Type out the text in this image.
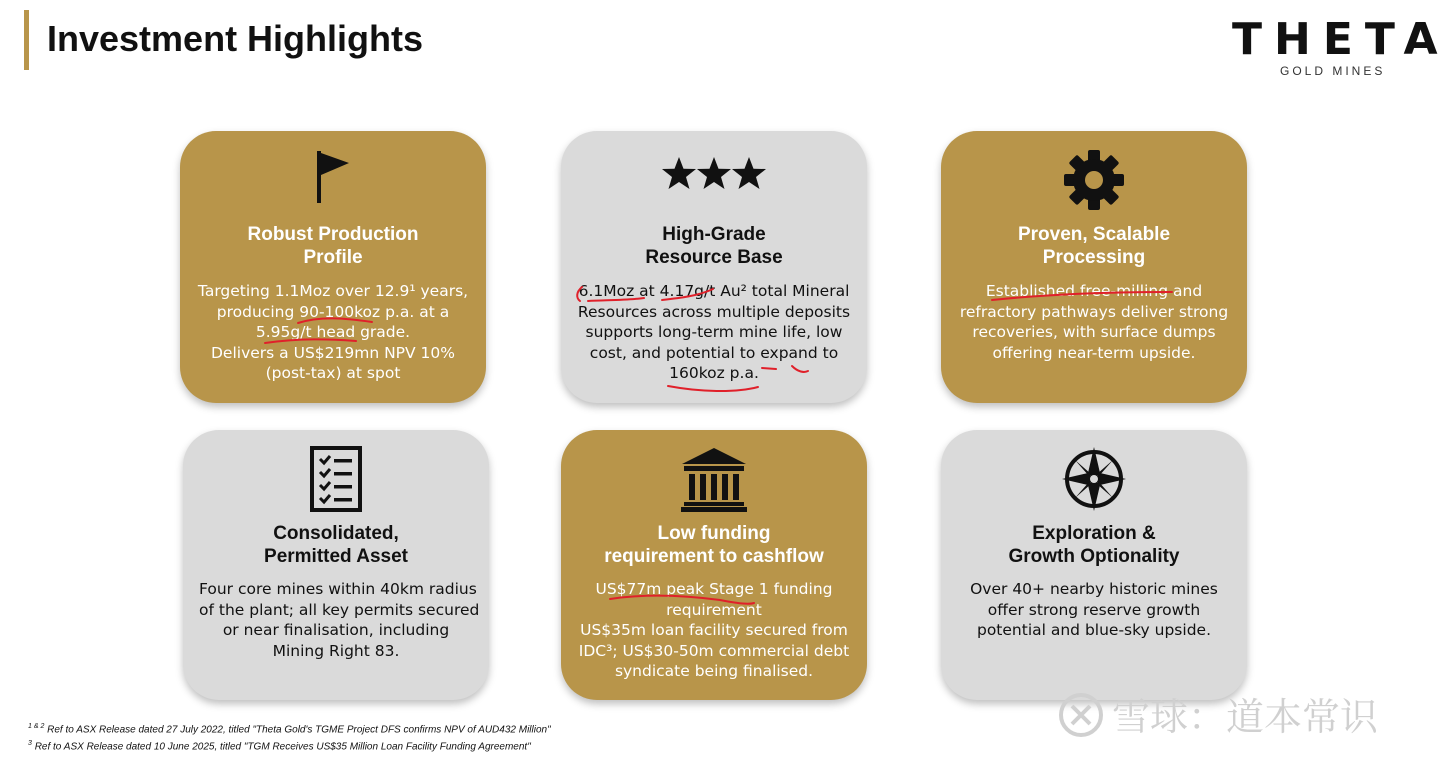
Investment Highlights	THETA
GOLD MINES
Robust Production
Profile

Targeting 1.1Moz over 12.9¹ years,
producing 90-100koz p.a. at a
5.95g/t head grade.
Delivers a US$219mn NPV 10%
(post-tax) at spot

High-Grade
Resource Base

6.1Moz at 4.17g/t Au² total Mineral
Resources across multiple deposits
supports long-term mine life, low
cost, and potential to expand to
160koz p.a.

Proven, Scalable
Processing

Established free-milling and
refractory pathways deliver strong
recoveries, with surface dumps
offering near-term upside.

Consolidated,
Permitted Asset

Four core mines within 40km radius
of the plant; all key permits secured
or near finalisation, including
Mining Right 83.

Low funding
requirement to cashflow

US$77m peak Stage 1 funding
requirement
US$35m loan facility secured from
IDC³; US$30-50m commercial debt
syndicate being finalised.

Exploration &
Growth Optionality

Over 40+ nearby historic mines
offer strong reserve growth
potential and blue-sky upside.

$^{1 \& 2}$ Ref to ASX Release dated 27 July 2022, titled "Theta Gold's TGME Project DFS confirms NPV of AUD432 Million"
$^3$ Ref to ASX Release dated 10 June 2025, titled "TGM Receives US$35 Million Loan Facility Funding Agreement"
雪球：道本常识
